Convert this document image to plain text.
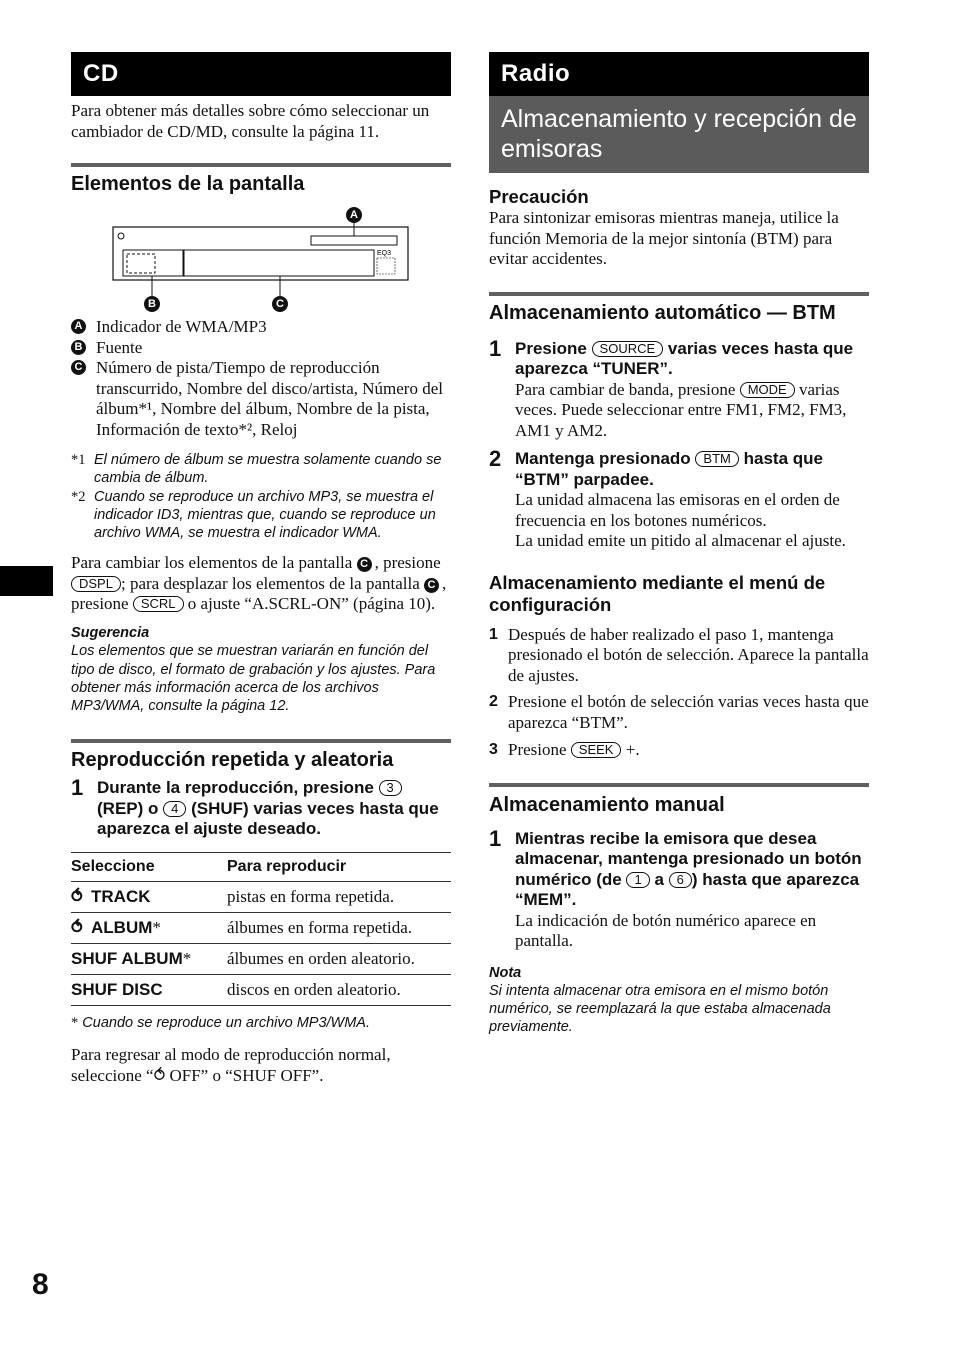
CD

Para obtener más detalles sobre cómo seleccionar un cambiador de CD/MD, consulte la página 11.

Elementos de la pantalla
EQ3
A
B	C
A Indicador de WMA/MP3
B Fuente
C Número de pista/Tiempo de reproducción transcurrido, Nombre del disco/artista, Número del álbum*¹, Nombre del álbum, Nombre de la pista, Información de texto*², Reloj
*1 El número de álbum se muestra solamente cuando se cambia de álbum.
*2 Cuando se reproduce un archivo MP3, se muestra el indicador ID3, mientras que, cuando se reproduce un archivo WMA, se muestra el indicador WMA.

Para cambiar los elementos de la pantalla C , presione DSPL ; para desplazar los elementos de la pantalla C , presione SCRL o ajuste “A.SCRL-ON” (página 10).

Sugerencia
Los elementos que se muestran variarán en función del tipo de disco, el formato de grabación y los ajustes. Para obtener más información acerca de los archivos MP3/WMA, consulte la página 12.
Reproducción repetida y aleatoria
1 Durante la reproducción, presione 3 (REP) o 4 (SHUF) varias veces hasta que aparezca el ajuste deseado.
Seleccione	Para reproducir
⥀ TRACK	pistas en forma repetida.
⥀ ALBUM*	álbumes en forma repetida.
SHUF ALBUM*	álbumes en orden aleatorio.
SHUF DISC	discos en orden aleatorio.
* Cuando se reproduce un archivo MP3/WMA.

Para regresar al modo de reproducción normal, seleccione “⥀ OFF” o “SHUF OFF”.

Radio
Almacenamiento y recepción de emisoras
Precaución

Para sintonizar emisoras mientras maneja, utilice la función Memoria de la mejor sintonía (BTM) para evitar accidentes.

Almacenamiento automático — BTM
1 Presione SOURCE varias veces hasta que aparezca “TUNER”.

Para cambiar de banda, presione MODE varias veces. Puede seleccionar entre FM1, FM2, FM3, AM1 y AM2.

2 Mantenga presionado BTM hasta que “BTM” parpadee.

La unidad almacena las emisoras en el orden de frecuencia en los botones numéricos.

La unidad emite un pitido al almacenar el ajuste.

Almacenamiento mediante el menú de configuración
1 Después de haber realizado el paso 1, mantenga presionado el botón de selección. Aparece la pantalla de ajustes.
2 Presione el botón de selección varias veces hasta que aparezca “BTM”.
3 Presione SEEK +.
Almacenamiento manual
1 Mientras recibe la emisora que desea almacenar, mantenga presionado un botón numérico (de 1 a 6 ) hasta que aparezca “MEM”.

La indicación de botón numérico aparece en pantalla.

Nota
Si intenta almacenar otra emisora en el mismo botón numérico, se reemplazará la que estaba almacenada previamente.
8
